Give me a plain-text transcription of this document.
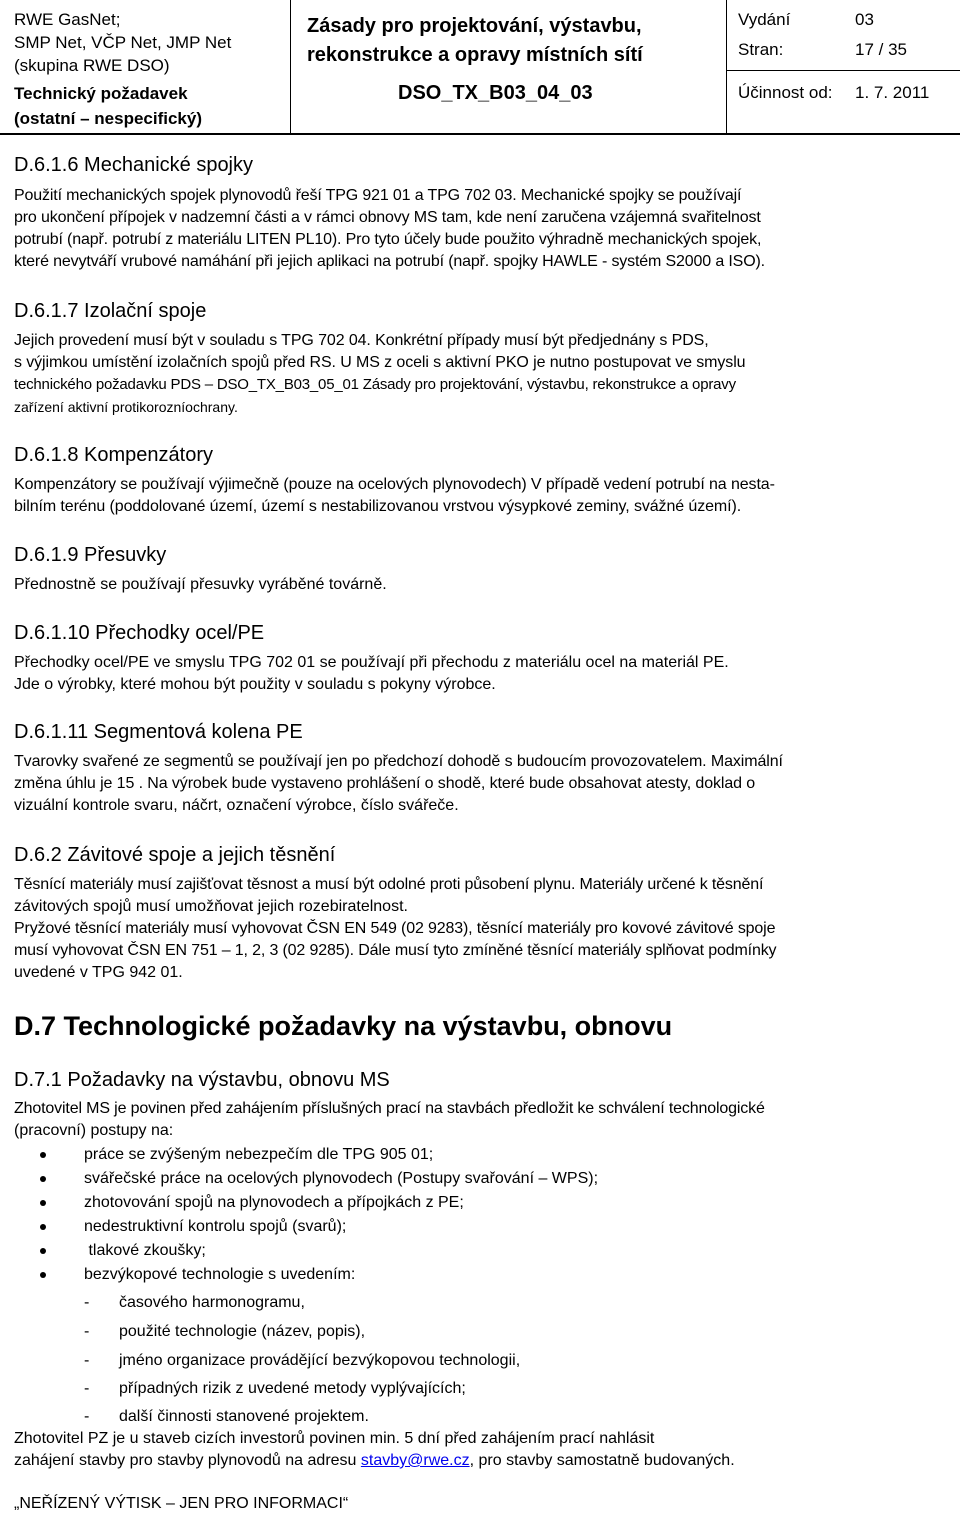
RWE GasNet;
SMP Net, VČP Net, JMP Net
(skupina RWE DSO)
Technický požadavek
(ostatní – nespecifický)
Zásady pro projektování, výstavbu,
rekonstrukce a opravy místních sítí
DSO_TX_B03_04_03
Vydání	03
Stran:	17 / 35
Účinnost od: 1. 7. 2011
D.6.1.6 Mechanické spojky
Použití mechanických spojek plynovodů řeší TPG 921 01 a TPG 702 03. Mechanické spojky se používají
pro ukončení přípojek v nadzemní části a v rámci obnovy MS tam, kde není zaručena vzájemná svařitelnost
potrubí (např. potrubí z materiálu LITEN PL10). Pro tyto účely bude použito výhradně mechanických spojek,
které nevytváří vrubové namáhání při jejich aplikaci na potrubí (např. spojky HAWLE - systém S2000 a ISO).
D.6.1.7 Izolační spoje
Jejich provedení musí být v souladu s TPG 702 04. Konkrétní případy musí být předjednány s PDS,
s výjimkou umístění izolačních spojů před RS. U MS z oceli s aktivní PKO je nutno postupovat ve smyslu
technického požadavku PDS – DSO_TX_B03_05_01 Zásady pro projektování, výstavbu, rekonstrukce a opravy
zařízení aktivní protikorozníochrany.
D.6.1.8 Kompenzátory
Kompenzátory se používají výjimečně (pouze na ocelových plynovodech) V případě vedení potrubí na nesta-
bilním terénu (poddolované území, území s nestabilizovanou vrstvou výsypkové zeminy, svážné území).
D.6.1.9 Přesuvky
Přednostně se používají přesuvky vyráběné továrně.
D.6.1.10 Přechodky ocel/PE
Přechodky ocel/PE ve smyslu TPG 702 01 se používají při přechodu z materiálu ocel na materiál PE.
Jde o výrobky, které mohou být použity v souladu s pokyny výrobce.
D.6.1.11 Segmentová kolena PE
Tvarovky svařené ze segmentů se používají jen po předchozí dohodě s budoucím provozovatelem. Maximální
změna úhlu je 15 . Na výrobek bude vystaveno prohlášení o shodě, které bude obsahovat atesty, doklad o
vizuální kontrole svaru, náčrt, označení výrobce, číslo svářeče.
D.6.2 Závitové spoje a jejich těsnění
Těsnící materiály musí zajišťovat těsnost a musí být odolné proti působení plynu. Materiály určené k těsnění
závitových spojů musí umožňovat jejich rozebiratelnost.
Pryžové těsnící materiály musí vyhovovat ČSN EN 549 (02 9283), těsnící materiály pro kovové závitové spoje
musí vyhovovat ČSN EN 751 – 1, 2, 3 (02 9285). Dále musí tyto zmíněné těsnící materiály splňovat podmínky
uvedené v TPG 942 01.
D.7 Technologické požadavky na výstavbu, obnovu
D.7.1 Požadavky na výstavbu, obnovu MS
Zhotovitel MS je povinen před zahájením příslušných prací na stavbách předložit ke schválení technologické
(pracovní) postupy na:
práce se zvýšeným nebezpečím dle TPG 905 01;
svářečské práce na ocelových plynovodech (Postupy svařování – WPS);
zhotovování spojů na plynovodech a přípojkách z PE;
nedestruktivní kontrolu spojů (svarů);
tlakové zkoušky;
bezvýkopové technologie s uvedením:
- časového harmonogramu,
- použité technologie (název, popis),
- jméno organizace provádějící bezvýkopovou technologii,
- případných rizik z uvedené metody vyplývajících;
- další činnosti stanovené projektem.
Zhotovitel PZ je u staveb cizích investorů povinen min. 5 dní před zahájením prací nahlásit
zahájení stavby pro stavby plynovodů na adresu stavby@rwe.cz, pro stavby samostatně budovaných.
„NEŘÍZENÝ VÝTISK – JEN PRO INFORMACI“
